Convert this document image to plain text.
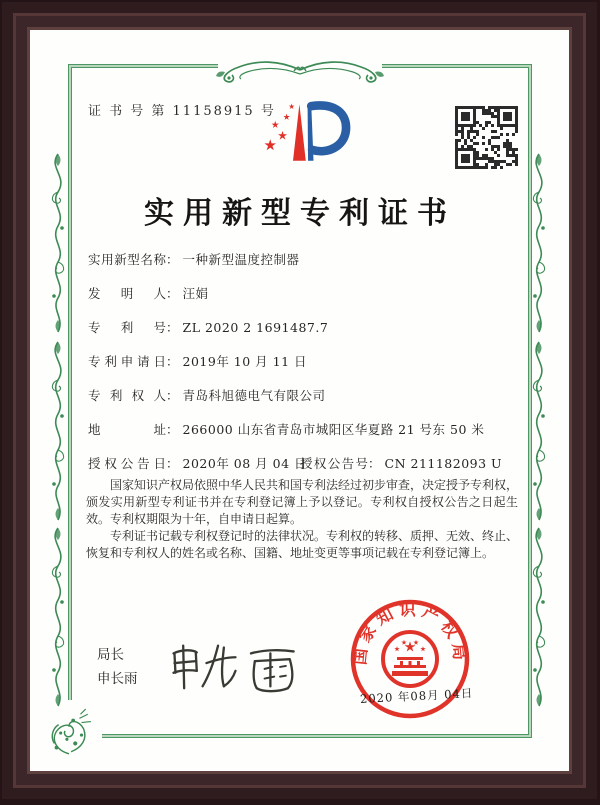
证 书 号 第 11158915 号
实用新型专利证书
实用新型名称 ： 一种新型温度控制器
发明人 ： 汪娟
专利号 ： ZL 2020 2 1691487.7
专利申请日 ： 2019年 10 月 11 日
专利权人 ： 青岛科旭德电气有限公司
地址 ： 266000 山东省青岛市城阳区华夏路 21 号东 50 米
授权公告日 ： 2020年 08 月 04 日
授权公告号 ： CN 211182093 U

国家知识产权局依照中华人民共和国专利法经过初步审查，决定授予专利权，颁发实用新型专利证书并在专利登记簿上予以登记。专利权自授权公告之日起生效。专利权期限为十年，自申请日起算。

专利证书记载专利权登记时的法律状况。专利权的转移、质押、无效、终止、恢复和专利权人的姓名或名称、国籍、地址变更等事项记载在专利登记簿上。

局长
申长雨
国家知识产权局
2020 年08月 04日
